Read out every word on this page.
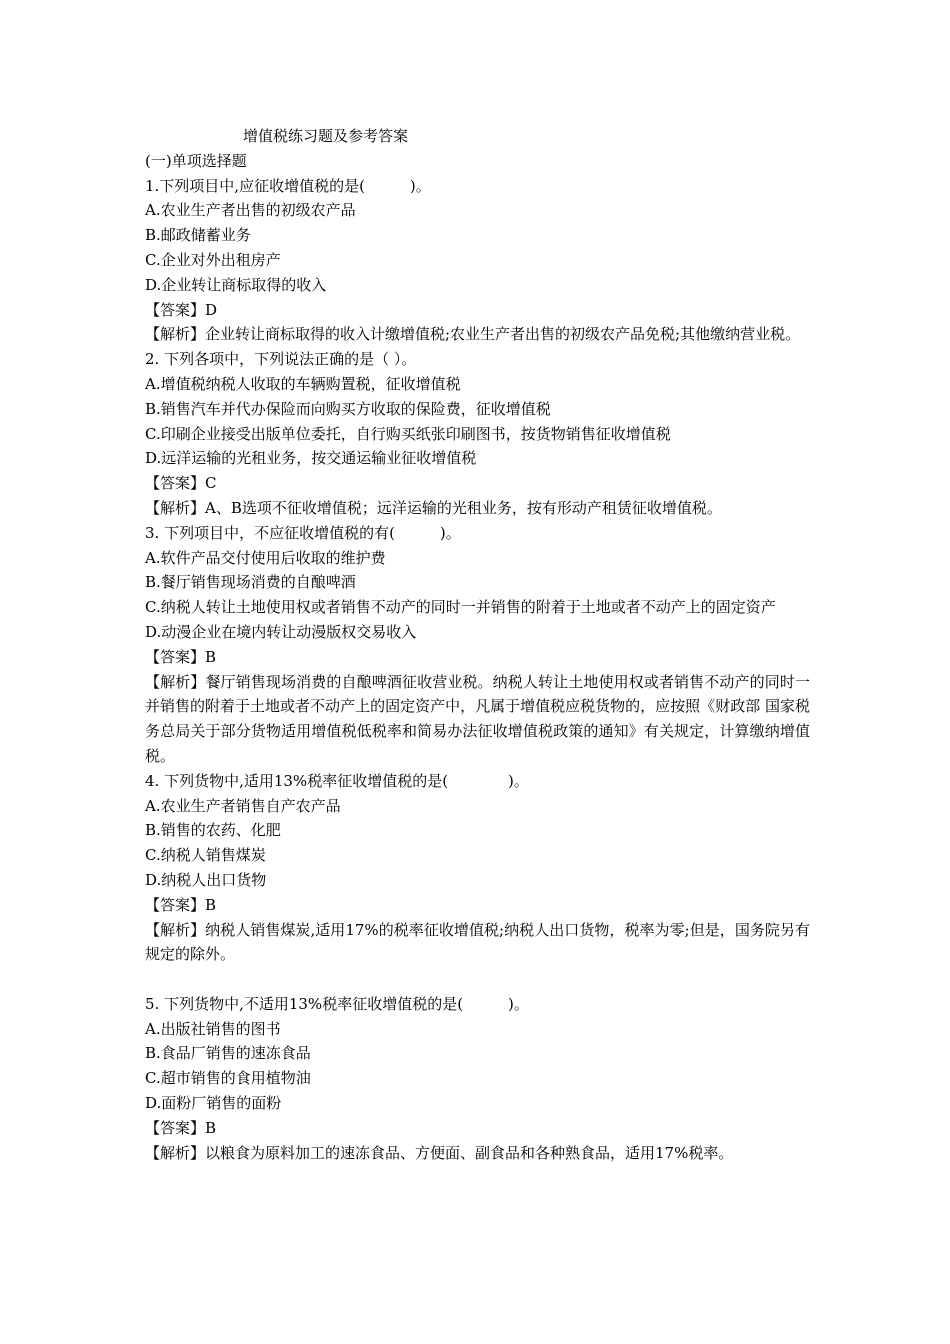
增值税练习题及参考答案
(一)单项选择题
1.下列项目中,应征收增值税的是(　　　)。
A.农业生产者出售的初级农产品
B.邮政储蓄业务
C.企业对外出租房产
D.企业转让商标取得的收入
【答案】D
【解析】企业转让商标取得的收入计缴增值税;农业生产者出售的初级农产品免税;其他缴纳营业税。
2. 下列各项中，下列说法正确的是（ ）。
A.增值税纳税人收取的车辆购置税，征收增值税
B.销售汽车并代办保险而向购买方收取的保险费，征收增值税
C.印刷企业接受出版单位委托，自行购买纸张印刷图书，按货物销售征收增值税
D.远洋运输的光租业务，按交通运输业征收增值税
【答案】C
【解析】A、B选项不征收增值税；远洋运输的光租业务，按有形动产租赁征收增值税。
3. 下列项目中，不应征收增值税的有(　　　)。
A.软件产品交付使用后收取的维护费
B.餐厅销售现场消费的自酿啤酒
C.纳税人转让土地使用权或者销售不动产的同时一并销售的附着于土地或者不动产上的固定资产
D.动漫企业在境内转让动漫版权交易收入
【答案】B
【解析】餐厅销售现场消费的自酿啤酒征收营业税。纳税人转让土地使用权或者销售不动产的同时一并销售的附着于土地或者不动产上的固定资产中，凡属于增值税应税货物的，应按照《财政部 国家税务总局关于部分货物适用增值税低税率和简易办法征收增值税政策的通知》有关规定，计算缴纳增值税。
4. 下列货物中,适用13%税率征收增值税的是(　　　　)。
A.农业生产者销售自产农产品
B.销售的农药、化肥
C.纳税人销售煤炭
D.纳税人出口货物
【答案】B
【解析】纳税人销售煤炭,适用17%的税率征收增值税;纳税人出口货物，税率为零;但是，国务院另有规定的除外。
5. 下列货物中,不适用13%税率征收增值税的是(　　　)。
A.出版社销售的图书
B.食品厂销售的速冻食品
C.超市销售的食用植物油
D.面粉厂销售的面粉
【答案】B
【解析】以粮食为原料加工的速冻食品、方便面、副食品和各种熟食品，适用17%税率。
